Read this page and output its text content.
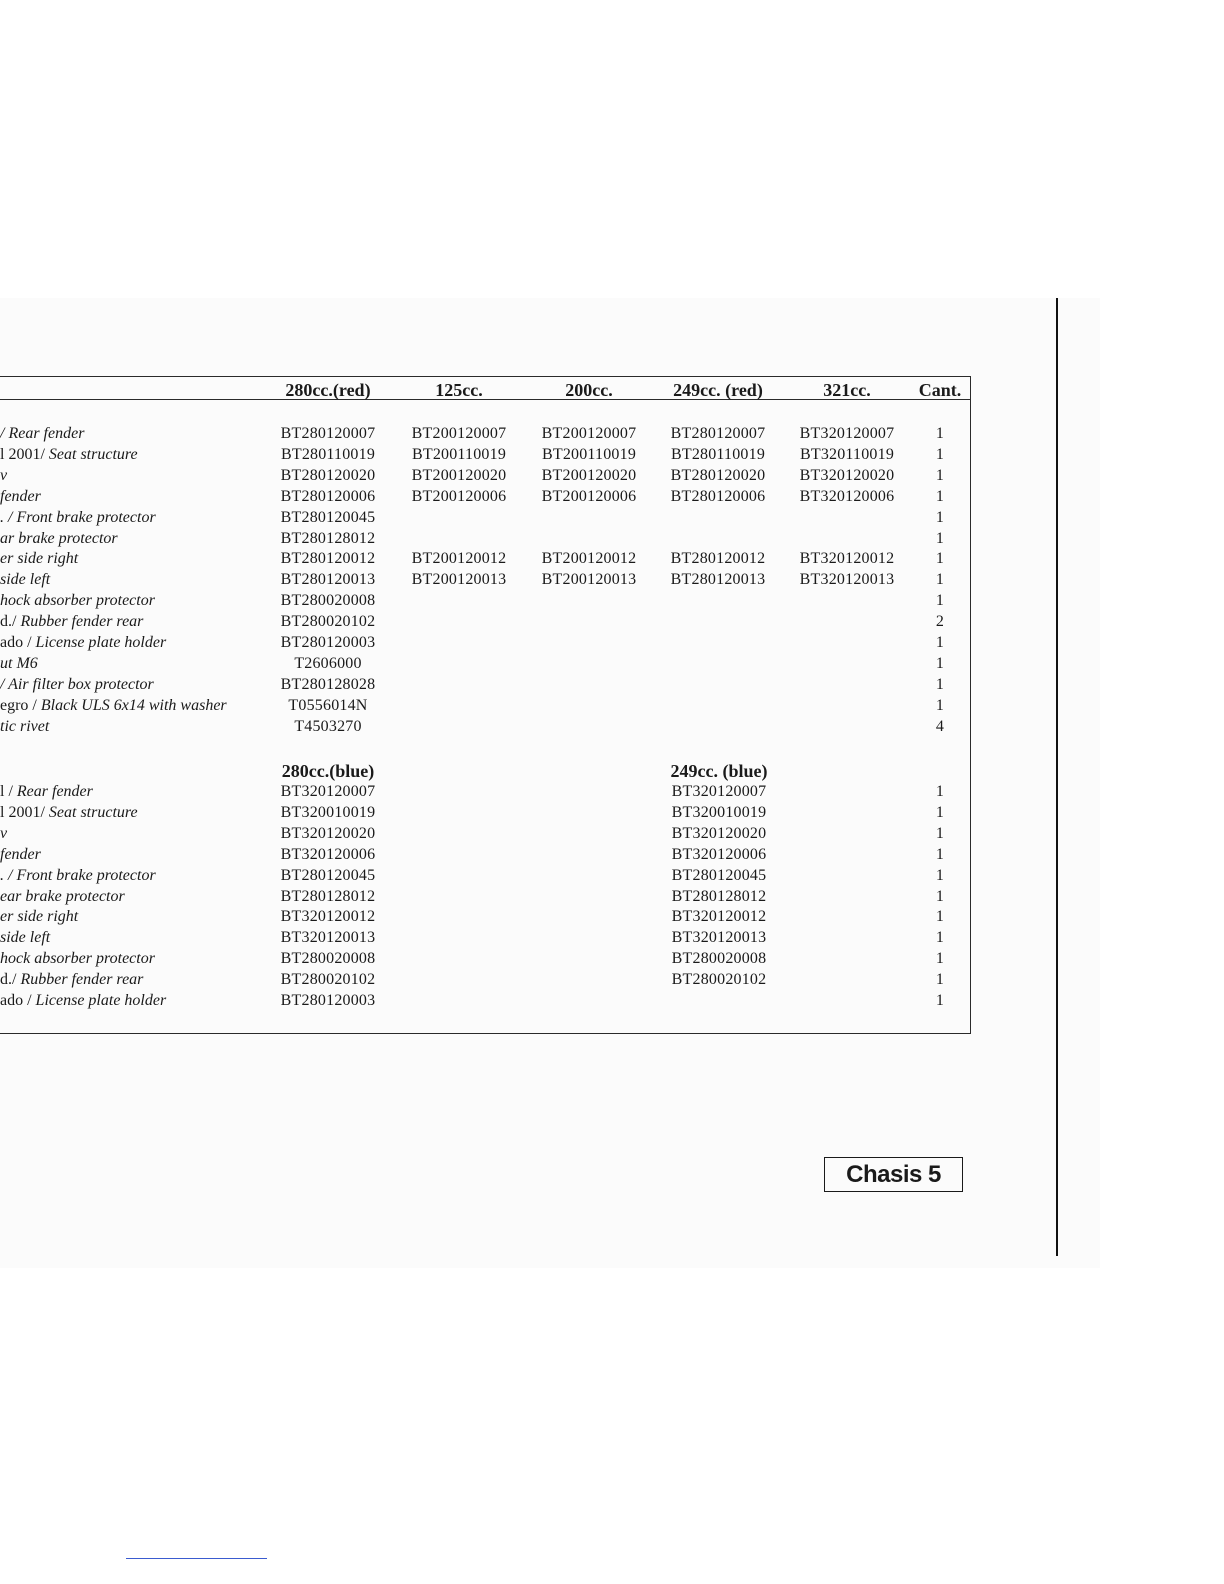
280cc.(red)	125cc.	200cc.	249cc. (red)	321cc.	Cant.
/ Rear fender	BT280120007 BT200120007 BT200120007 BT280120007 BT320120007	1
l 2001/ Seat structure	BT280110019 BT200110019 BT200110019 BT280110019 BT320110019	1
v	BT280120020 BT200120020 BT200120020 BT280120020 BT320120020	1
fender	BT280120006 BT200120006 BT200120006 BT280120006 BT320120006	1
. / Front brake protector	BT280120045	1
ar brake protector	BT280128012	1
er side right	BT280120012 BT200120012 BT200120012 BT280120012 BT320120012	1
side left	BT280120013 BT200120013 BT200120013 BT280120013 BT320120013	1
hock absorber protector	BT280020008	1
d./ Rubber fender rear	BT280020102	2
ado / License plate holder	BT280120003	1
ut M6	T2606000	1
/ Air filter box protector	BT280128028	1
egro / Black ULS 6x14 with washer	T0556014N	1
tic rivet	T4503270	4
280cc.(blue)	249cc. (blue)
l / Rear fender	BT320120007	BT320120007	1
l 2001/ Seat structure	BT320010019	BT320010019	1
v	BT320120020	BT320120020	1
fender	BT320120006	BT320120006	1
. / Front brake protector	BT280120045	BT280120045	1
ear brake protector	BT280128012	BT280128012	1
er side right	BT320120012	BT320120012	1
side left	BT320120013	BT320120013	1
hock absorber protector	BT280020008	BT280020008	1
d./ Rubber fender rear	BT280020102	BT280020102	1
ado / License plate holder	BT280120003	1
Chasis 5
